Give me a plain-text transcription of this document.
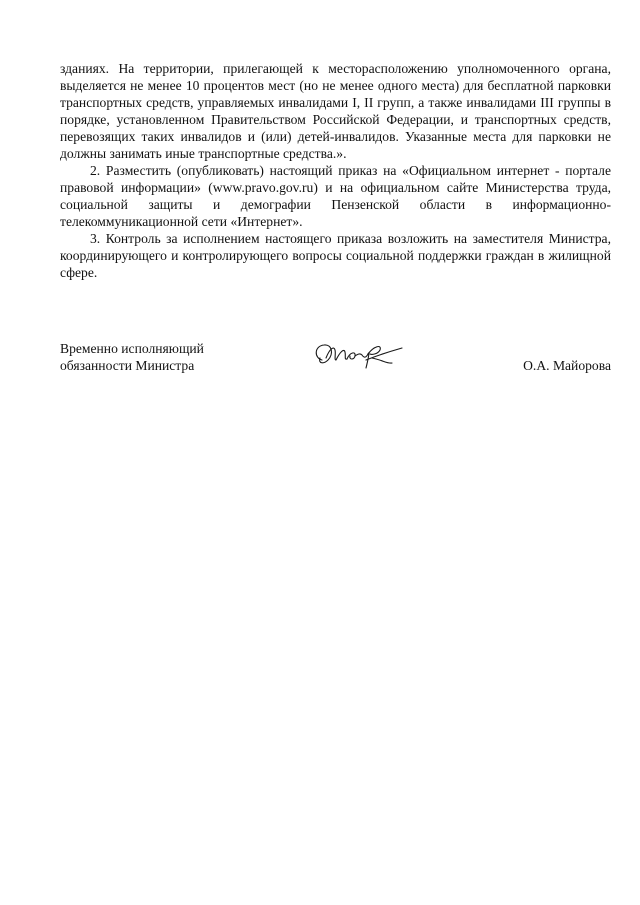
зданиях. На территории, прилегающей к месторасположению уполномоченного органа, выделяется не менее 10 процентов мест (но не менее одного места) для бесплатной парковки транспортных средств, управляемых инвалидами I, II групп, а также инвалидами III группы в порядке, установленном Правительством Российской Федерации, и транспортных средств, перевозящих таких инвалидов и (или) детей-инвалидов. Указанные места для парковки не должны занимать иные транспортные средства.».

2. Разместить (опубликовать) настоящий приказ на «Официальном интернет - портале правовой информации» (www.pravo.gov.ru) и на официальном сайте Министерства труда, социальной защиты и демографии Пензенской области в информационно-телекоммуникационной сети «Интернет».

3. Контроль за исполнением настоящего приказа возложить на заместителя Министра, координирующего и контролирующего вопросы социальной поддержки граждан в жилищной сфере.

Временно исполняющий
обязанности Министра	О.А. Майорова
